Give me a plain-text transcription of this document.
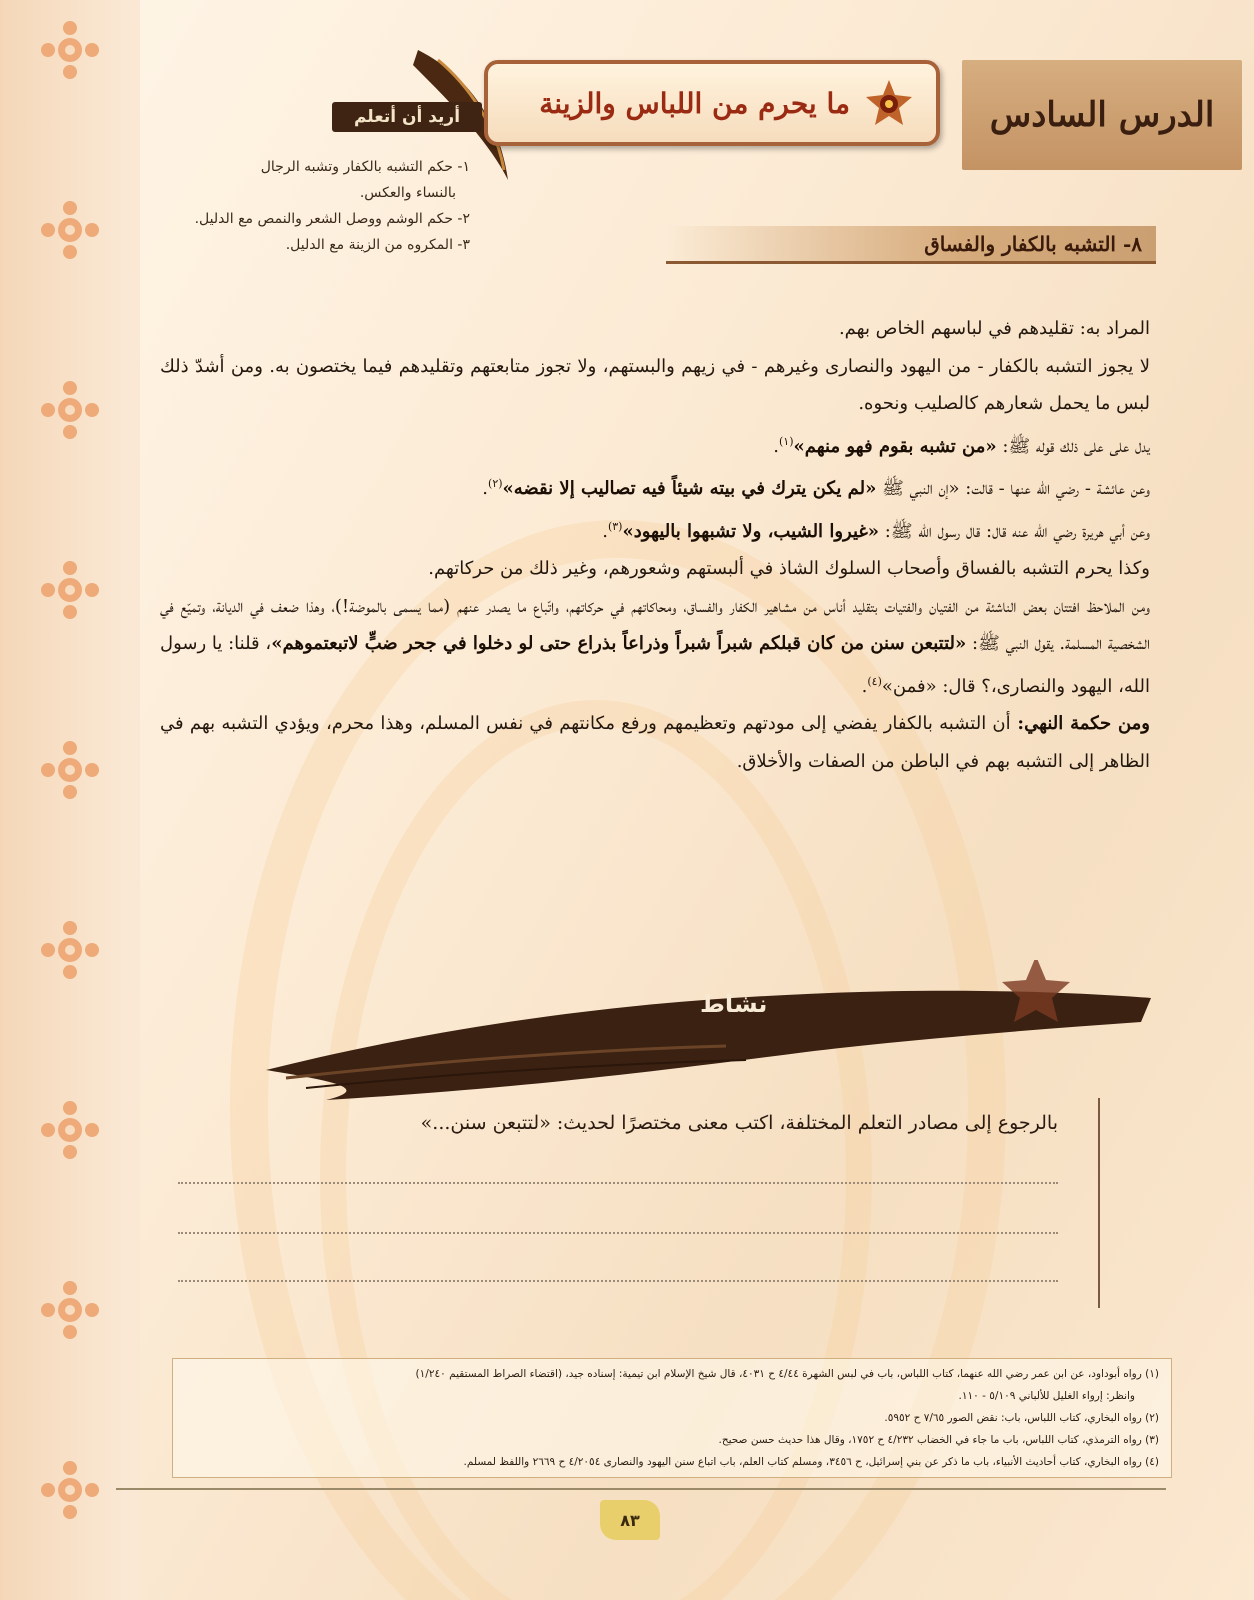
الدرس السادس
ما يحرم من اللباس والزينة
أريد أن أتعلم
١- حكم التشبه بالكفار وتشبه الرجال
بالنساء والعكس.
٢- حكم الوشم ووصل الشعر والنمص مع الدليل.
٣- المكروه من الزينة مع الدليل.	٨- التشبه بالكفار والفساق

المراد به: تقليدهم في لباسهم الخاص بهم.

لا يجوز التشبه بالكفار - من اليهود والنصارى وغيرهم - في زيهم والبستهم، ولا تجوز متابعتهم وتقليدهم فيما يختصون به. ومن أشدّ ذلك لبس ما يحمل شعارهم كالصليب ونحوه.

يدل على على ذلك قوله ﷺ: «من تشبه بقوم فهو منهم»$^{(١)}$.

وعن عائشة - رضي الله عنها - قالت: «إن النبي ﷺ «لم يكن يترك في بيته شيئاً فيه تصاليب إلا نقضه»$^{(٢)}$.

وعن أبي هريرة رضي الله عنه قال: قال رسول الله ﷺ: «غيروا الشيب، ولا تشبهوا باليهود»$^{(٣)}$.

وكذا يحرم التشبه بالفساق وأصحاب السلوك الشاذ في ألبستهم وشعورهم، وغير ذلك من حركاتهم.

ومن الملاحظ افتتان بعض الناشئة من الفتيان والفتيات بتقليد أناس من مشاهير الكفار والفساق، ومحاكاتهم في حركاتهم، واتّباع ما يصدر عنهم (مما يسمى بالموضة!)، وهذا ضعف في الديانة، وتميّع في الشخصية المسلمة. يقول النبي ﷺ: «لتتبعن سنن من كان قبلكم شبراً شبراً وذراعاً بذراع حتى لو دخلوا في جحر ضبٍّ لاتبعتموهم»، قلنا: يا رسول الله، اليهود والنصارى،؟ قال: «فمن»$^{(٤)}$.

ومن حكمة النهي: أن التشبه بالكفار يفضي إلى مودتهم وتعظيمهم ورفع مكانتهم في نفس المسلم، وهذا محرم، ويؤدي التشبه بهم في الظاهر إلى التشبه بهم في الباطن من الصفات والأخلاق.

نشاط
بالرجوع إلى مصادر التعلم المختلفة، اكتب معنى مختصرًا لحديث: «لتتبعن سنن...»
(١) رواه أبوداود، عن ابن عمر رضي الله عنهما، كتاب اللباس، باب في لبس الشهرة ٤/٤٤ ح ٤٠٣١، قال شيخ الإسلام ابن تيمية: إسناده جيد، (اقتضاء الصراط المستقيم ١/٢٤٠)
وانظر: إرواء الغليل للألباني ٥/١٠٩ - ١١٠.
(٢) رواه البخاري، كتاب اللباس، باب: نقض الصور ٧/٦٥ ح ٥٩٥٢.
(٣) رواه الترمذي، كتاب اللباس، باب ما جاء في الخضاب ٤/٢٣٢ ح ١٧٥٢، وقال هذا حديث حسن صحيح.
(٤) رواه البخاري، كتاب أحاديث الأنبياء، باب ما ذكر عن بني إسرائيل، ح ٣٤٥٦، ومسلم كتاب العلم، باب اتباع سنن اليهود والنصارى ٤/٢٠٥٤ ح ٢٦٦٩ واللفظ لمسلم.
٨٣
